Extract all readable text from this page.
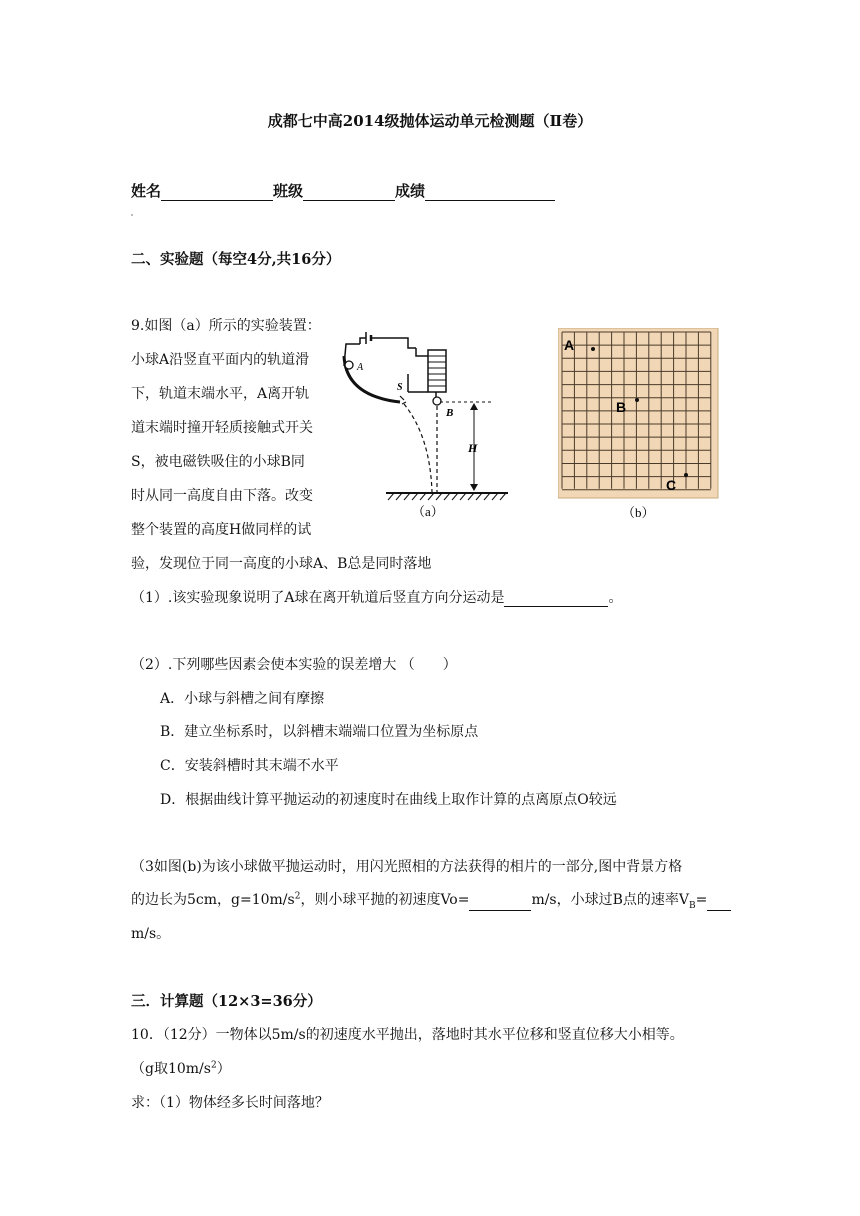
成都七中高2014级抛体运动单元检测题（Ⅱ卷）
姓名	班级	成绩
二、实验题（每空4分,共16分）
9.如图（a）所示的实验装置：
小球A沿竖直平面内的轨道滑
下，轨道末端水平，A离开轨
道末端时撞开轻质接触式开关
S，被电磁铁吸住的小球B同
时从同一高度自由下落。改变
整个装置的高度H做同样的试
验，发现位于同一高度的小球A、B总是同时落地
A
S
B
H
（a）
A
B
C
（b）
（1）.该实验现象说明了A球在离开轨道后竖直方向分运动是	。
（2）.下列哪些因素会使本实验的误差增大 （　　）
A．小球与斜槽之间有摩擦
B．建立坐标系时，以斜槽末端端口位置为坐标原点
C．安装斜槽时其末端不水平
D．根据曲线计算平抛运动的初速度时在曲线上取作计算的点离原点O较远
（3如图(b)为该小球做平抛运动时，用闪光照相的方法获得的相片的一部分,图中背景方格
的边长为5cm，$g=10m/s^2$，则小球平抛的初速度Vo=	m/s，小球过B点的速率$V_B=$
m/s。
三．计算题（12×3=36分）
10．（12分）一物体以5m/s的初速度水平抛出，落地时其水平位移和竖直位移大小相等。
（g取$10m/s^2$）
求：（1）物体经多长时间落地？
